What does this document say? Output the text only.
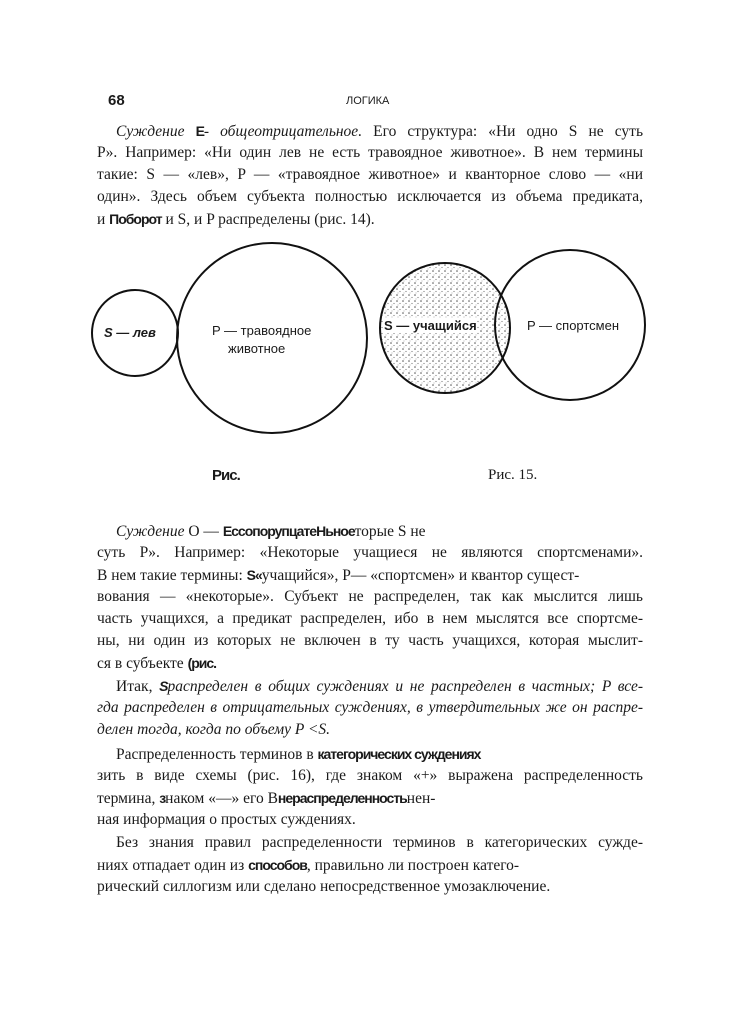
68	ЛОГИКА
Суждение Е- общеотрицательное. Его структура: «Ни одно S не суть
P». Например: «Ни один лев не есть травоядное животное». В нем термины
такие: S — «лев», P — «травоядное животное» и кванторное слово — «ни
один». Здесь объем субъекта полностью исключается из объема предиката,
и Поборот и S, и P распределены (рис. 14).
S — лев	P — травоядное
животное
S — учащийся	P — спортсмен
Рис.	Рис. 15.
Суждение О — ЕссопорупцатеНьноеторые S не
суть P». Например: «Некоторые учащиеся не являются спортсменами».
В нем такие термины: S«учащийся», P— «спортсмен» и квантор сущест-
вования — «некоторые». Субъект не распределен, так как мыслится лишь
часть учащихся, а предикат распределен, ибо в нем мыслятся все спортсме-
ны, ни один из которых не включен в ту часть учащихся, которая мыслит-
ся в субъекте (рис.
Итак, Sраспределен в общих суждениях и не распределен в частных; P все-
гда распределен в отрицательных суждениях, в утвердительных же он распре-
делен тогда, когда по объему P <S.
Распределенность терминов в категорических суждениях
зить в виде схемы (рис. 16), где знаком «+» выражена распределенность
термина, знаком «—» его Внераспределенностьнен-
ная информация о простых суждениях.
Без знания правил распределенности терминов в категорических сужде-
ниях отпадает один из способов, правильно ли построен катего-
рический силлогизм или сделано непосредственное умозаключение.
